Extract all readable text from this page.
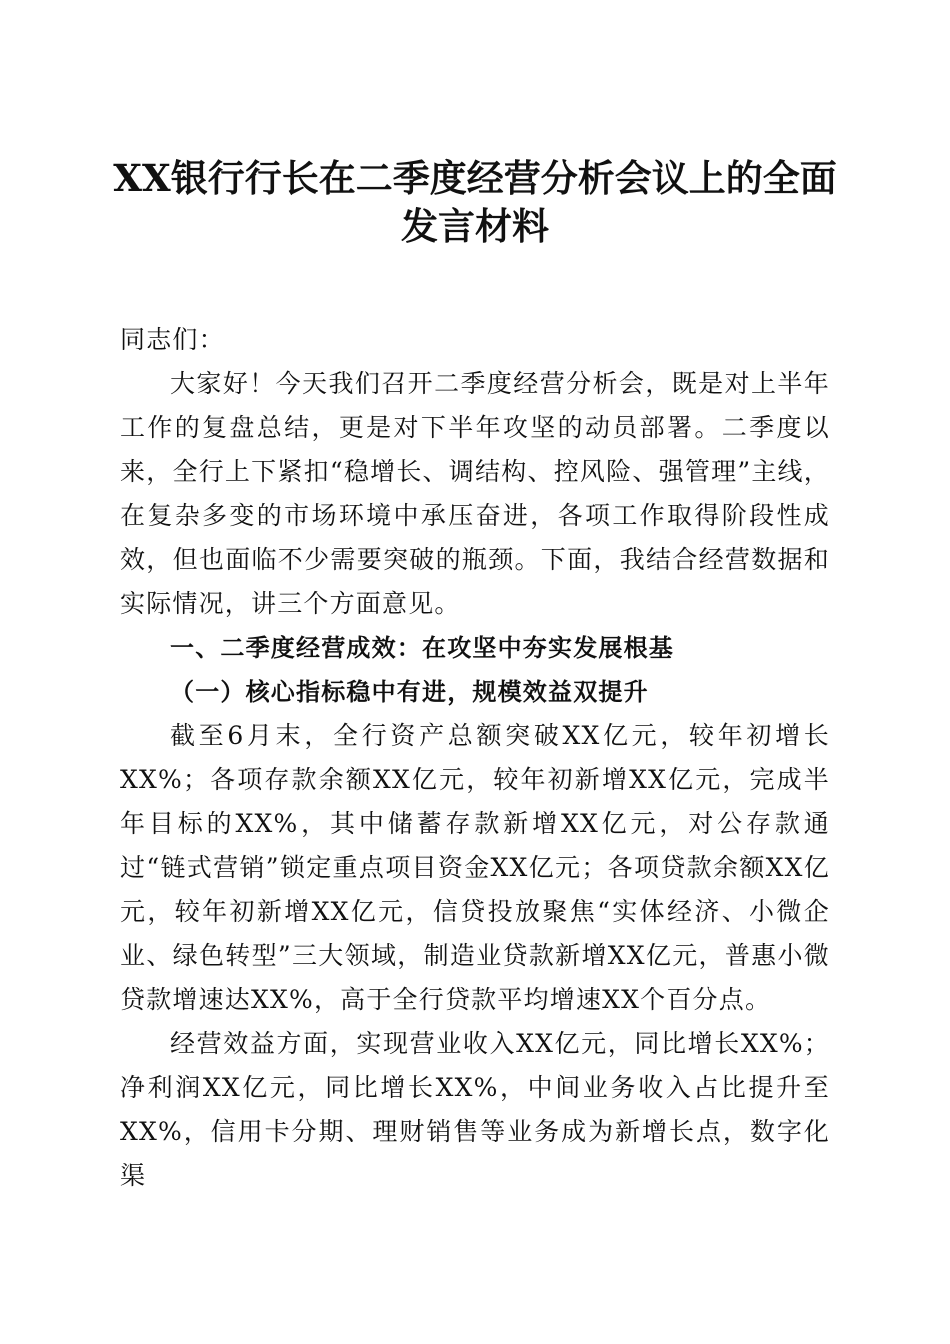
XX银行行长在二季度经营分析会议上的全面
发言材料

同志们：

大家好！今天我们召开二季度经营分析会，既是对上半年工作的复盘总结，更是对下半年攻坚的动员部署。二季度以来，全行上下紧扣“稳增长、调结构、控风险、强管理”主线，在复杂多变的市场环境中承压奋进，各项工作取得阶段性成效，但也面临不少需要突破的瓶颈。下面，我结合经营数据和实际情况，讲三个方面意见。

一、二季度经营成效：在攻坚中夯实发展根基

（一）核心指标稳中有进，规模效益双提升

截至6月末，全行资产总额突破XX亿元，较年初增长XX%；各项存款余额XX亿元，较年初新增XX亿元，完成半年目标的XX%，其中储蓄存款新增XX亿元，对公存款通过“链式营销”锁定重点项目资金XX亿元；各项贷款余额XX亿元，较年初新增XX亿元，信贷投放聚焦“实体经济、小微企业、绿色转型”三大领域，制造业贷款新增XX亿元，普惠小微贷款增速达XX%，高于全行贷款平均增速XX个百分点。

经营效益方面，实现营业收入XX亿元，同比增长XX%；净利润XX亿元，同比增长XX%，中间业务收入占比提升至XX%，信用卡分期、理财销售等业务成为新增长点，数字化渠
